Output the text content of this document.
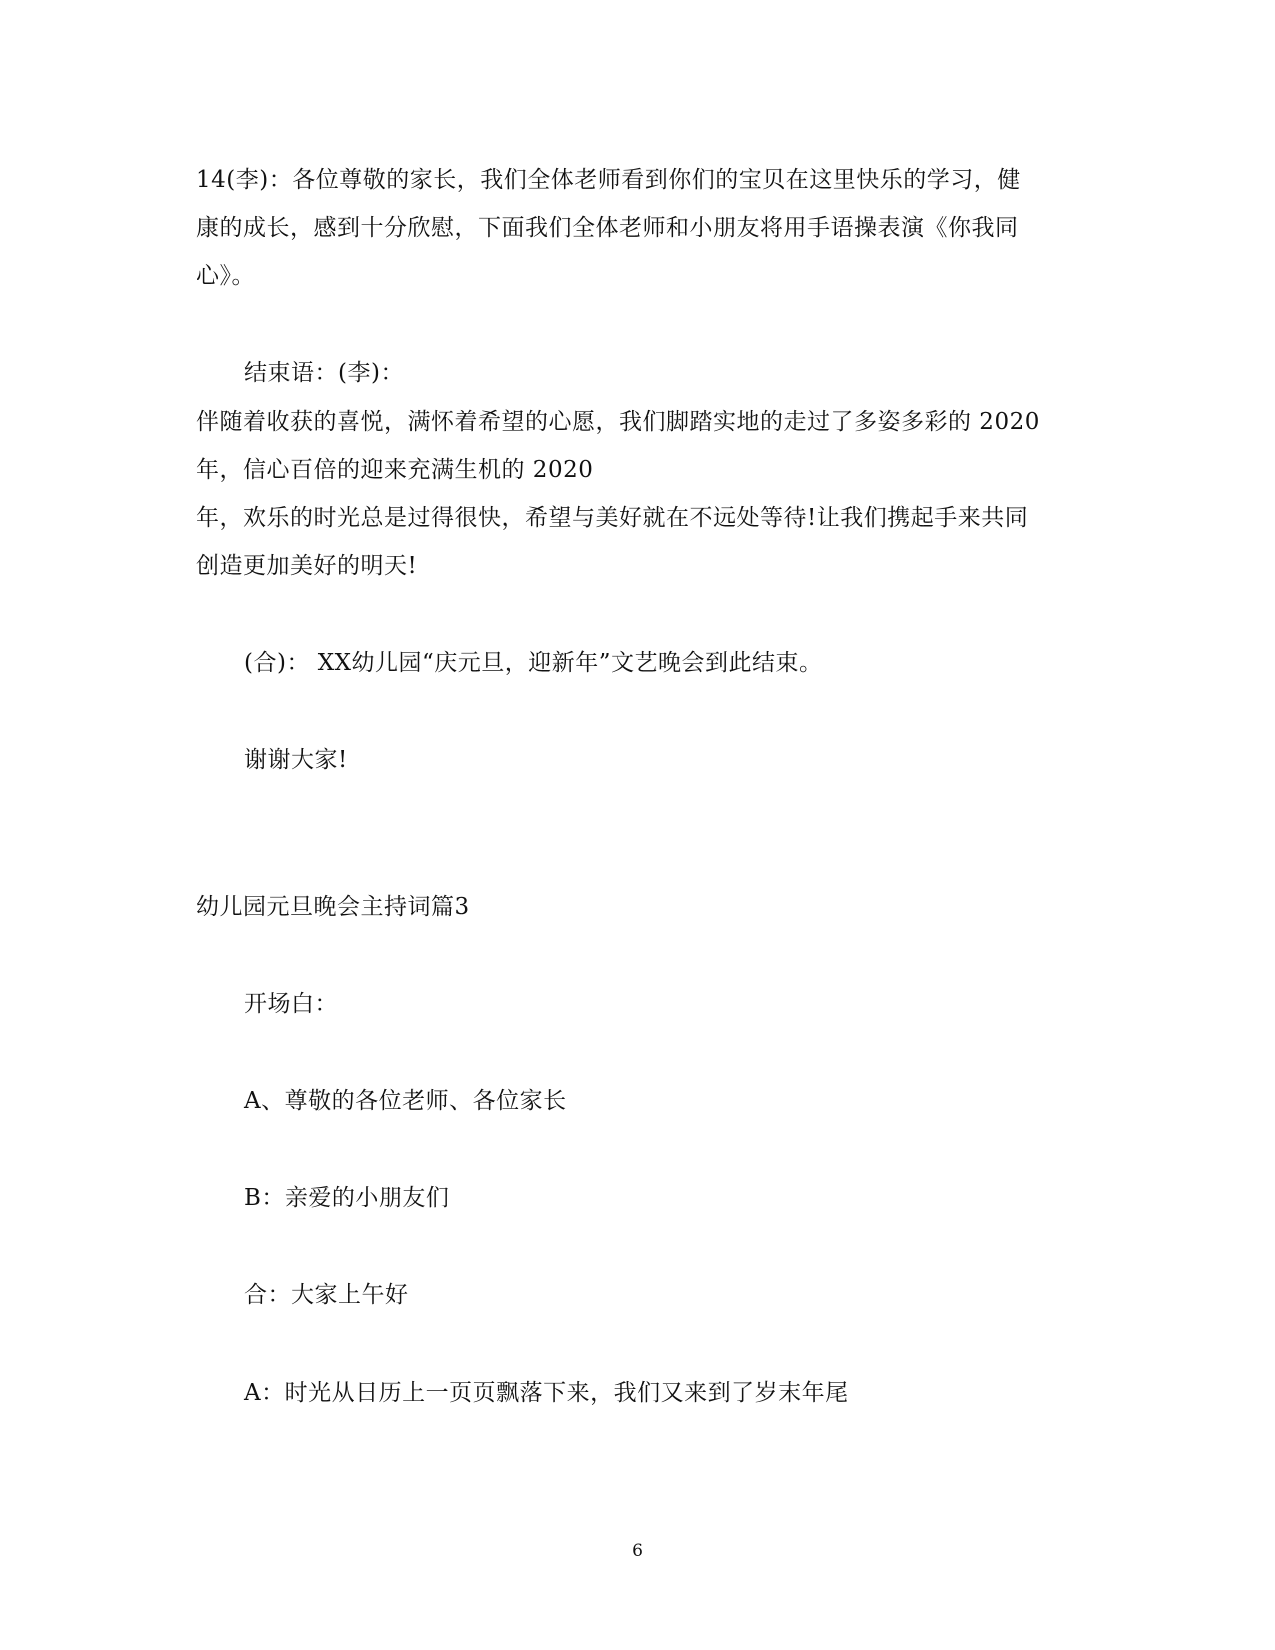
14(李)：各位尊敬的家长，我们全体老师看到你们的宝贝在这里快乐的学习，健
康的成长，感到十分欣慰，下面我们全体老师和小朋友将用手语操表演《你我同
心》。
结束语：(李)：
伴随着收获的喜悦，满怀着希望的心愿，我们脚踏实地的走过了多姿多彩的 2020
年，信心百倍的迎来充满生机的 2020
年，欢乐的时光总是过得很快，希望与美好就在不远处等待!让我们携起手来共同
创造更加美好的明天!
(合)： XX幼儿园“庆元旦，迎新年”文艺晚会到此结束。
谢谢大家!
幼儿园元旦晚会主持词篇3
开场白：
A、尊敬的各位老师、各位家长
B：亲爱的小朋友们
合：大家上午好
A：时光从日历上一页页飘落下来，我们又来到了岁末年尾
6
